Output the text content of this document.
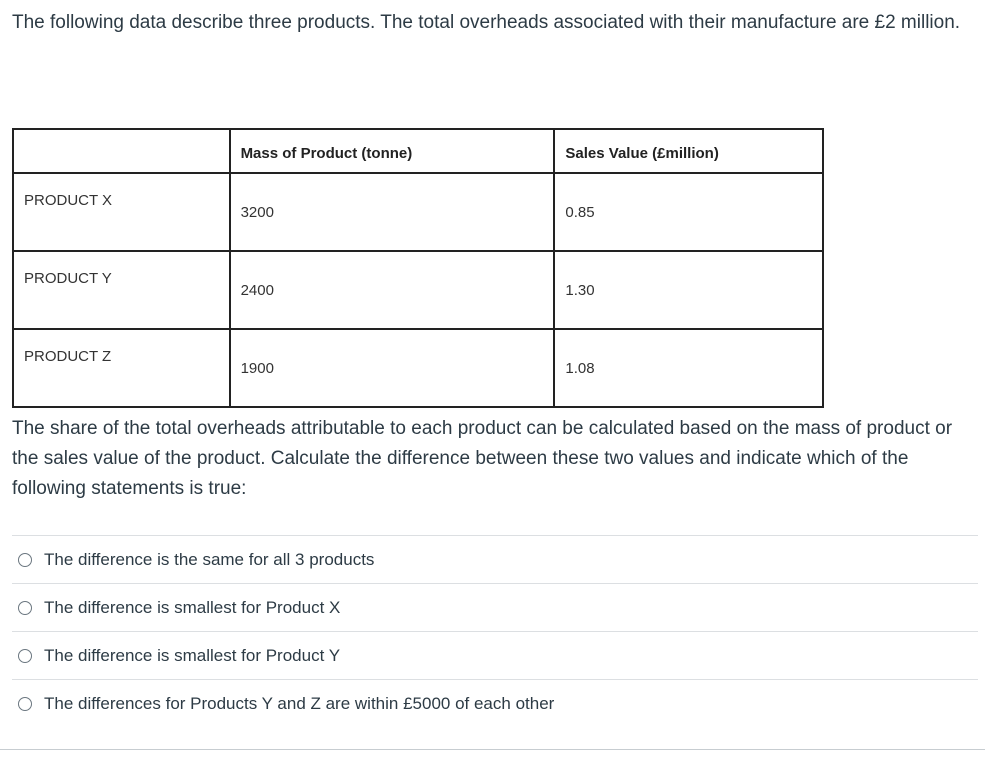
The following data describe three products. The total overheads associated with their manufacture are £2 million.
	Mass of Product (tonne)	Sales Value (£million)
PRODUCT X	3200	0.85
PRODUCT Y	2400	1.30
PRODUCT Z	1900	1.08
The share of the total overheads attributable to each product can be calculated based on the mass of product or the sales value of the product. Calculate the difference between these two values and indicate which of the following statements is true:
The difference is the same for all 3 products
The difference is smallest for Product X
The difference is smallest for Product Y
The differences for Products Y and Z are within £5000 of each other
